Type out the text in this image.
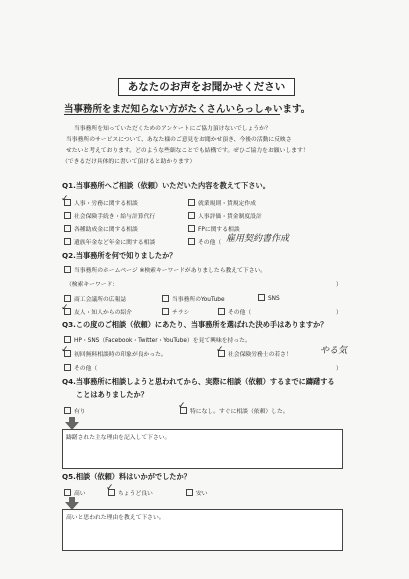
あなたのお声をお聞かせください
当事務所をまだ知らない方がたくさんいらっしゃいます。
当事務所を知っていただくためのアンケートにご協力頂けないでしょうか？
当事務所のサービスについて、あなた様のご意見をお聞かせ頂き、今後の活動に反映さ
せたいと考えております。どのような些細なことでも結構です。ぜひご協力をお願いします！
（できるだけ具体的に書いて頂けると助かります）
Q1.当事務所へご相談（依頼）いただいた内容を教えて下さい。
人事・労務に関する相談	就業規則・賃規定作成
社会保険手続き・給与計算代行	人事評価・賃金制度設計
各種助成金に関する相談	FPに関する相談
遺族年金など年金に関する相談	その他（
✓
雇用契約書作成
Q2.当事務所を何で知りましたか？
当事務所のホームページ ※検索キーワードがありましたら教えて下さい。
（検索キーワード：	）
商工会議所の広報誌	当事務所のYouTube	SNS
友人・知人からの紹介	チラシ	その他（	）
✓
Q3.この度のご相談（依頼）にあたり、当事務所を選ばれた決め手はありますか？
HP・SNS（Facebook・Twitter・YouTube）を見て興味を持った。
初回無料相談時の印象が良かった。	社会保険労務士の若さ！
その他（	）
✓	✓	やる気
Q4.当事務所に相談しようと思われてから、実際に相談（依頼）するまでに躊躇する
ことはありましたか？
有り	特になし。すぐに相談（依頼）した。
✓
躊躇された主な理由を記入して下さい。
Q5.相談（依頼）料はいかがでしたか？
高い	ちょうど良い	安い
✓
高いと思われた理由を教えて下さい。
